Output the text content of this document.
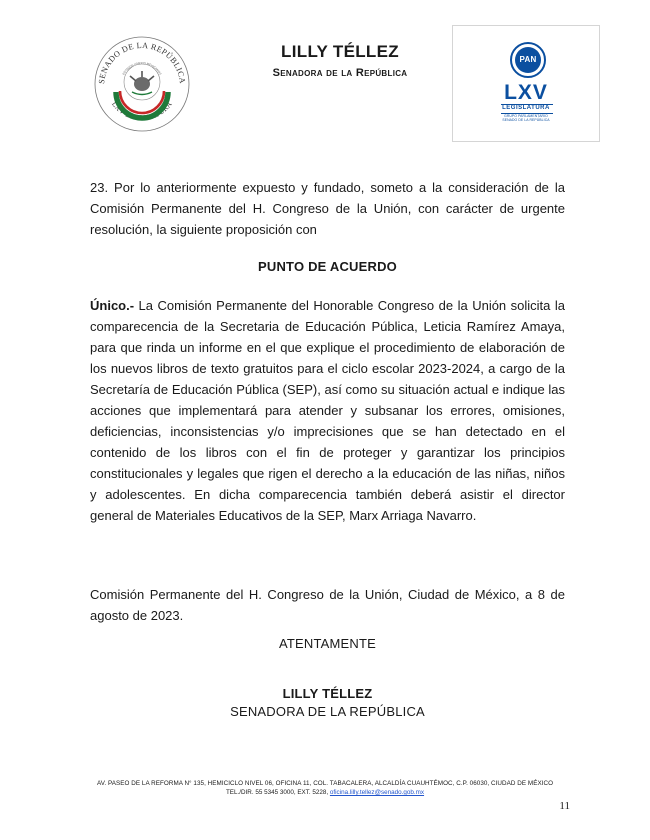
SENADO DE LA REPÚBLICA
LXV LEGISLATURA
ESTADOS UNIDOS MEXICANOS
LILLY TÉLLEZ
Senadora de la República
PAN
LXV
LEGISLATURA
GRUPO PARLAMENTARIO
SENADO DE LA REPÚBLICA

23. Por lo anteriormente expuesto y fundado, someto a la consideración de la Comisión Permanente del H. Congreso de la Unión, con carácter de urgente resolución, la siguiente proposición con

PUNTO DE ACUERDO

Único.- La Comisión Permanente del Honorable Congreso de la Unión solicita la comparecencia de la Secretaria de Educación Pública, Leticia Ramírez Amaya, para que rinda un informe en el que explique el procedimiento de elaboración de los nuevos libros de texto gratuitos para el ciclo escolar 2023-2024, a cargo de la Secretaría de Educación Pública (SEP), así como su situación actual e indique las acciones que implementará para atender y subsanar los errores, omisiones, deficiencias, inconsistencias y/o imprecisiones que se han detectado en el contenido de los libros con el fin de proteger y garantizar los principios constitucionales y legales que rigen el derecho a la educación de las niñas, niños y adolescentes. En dicha comparecencia también deberá asistir el director general de Materiales Educativos de la SEP, Marx Arriaga Navarro.

Comisión Permanente del H. Congreso de la Unión, Ciudad de México, a 8 de agosto de 2023.

ATENTAMENTE
LILLY TÉLLEZ
SENADORA DE LA REPÚBLICA
AV. PASEO DE LA REFORMA N° 135, HEMICICLO NIVEL 06, OFICINA 11, COL. TABACALERA, ALCALDÍA CUAUHTÉMOC, C.P. 06030, CIUDAD DE MÉXICO
TEL./DIR. 55 5345 3000, EXT. 5228, oficina.lilly.tellez@senado.gob.mx
11
